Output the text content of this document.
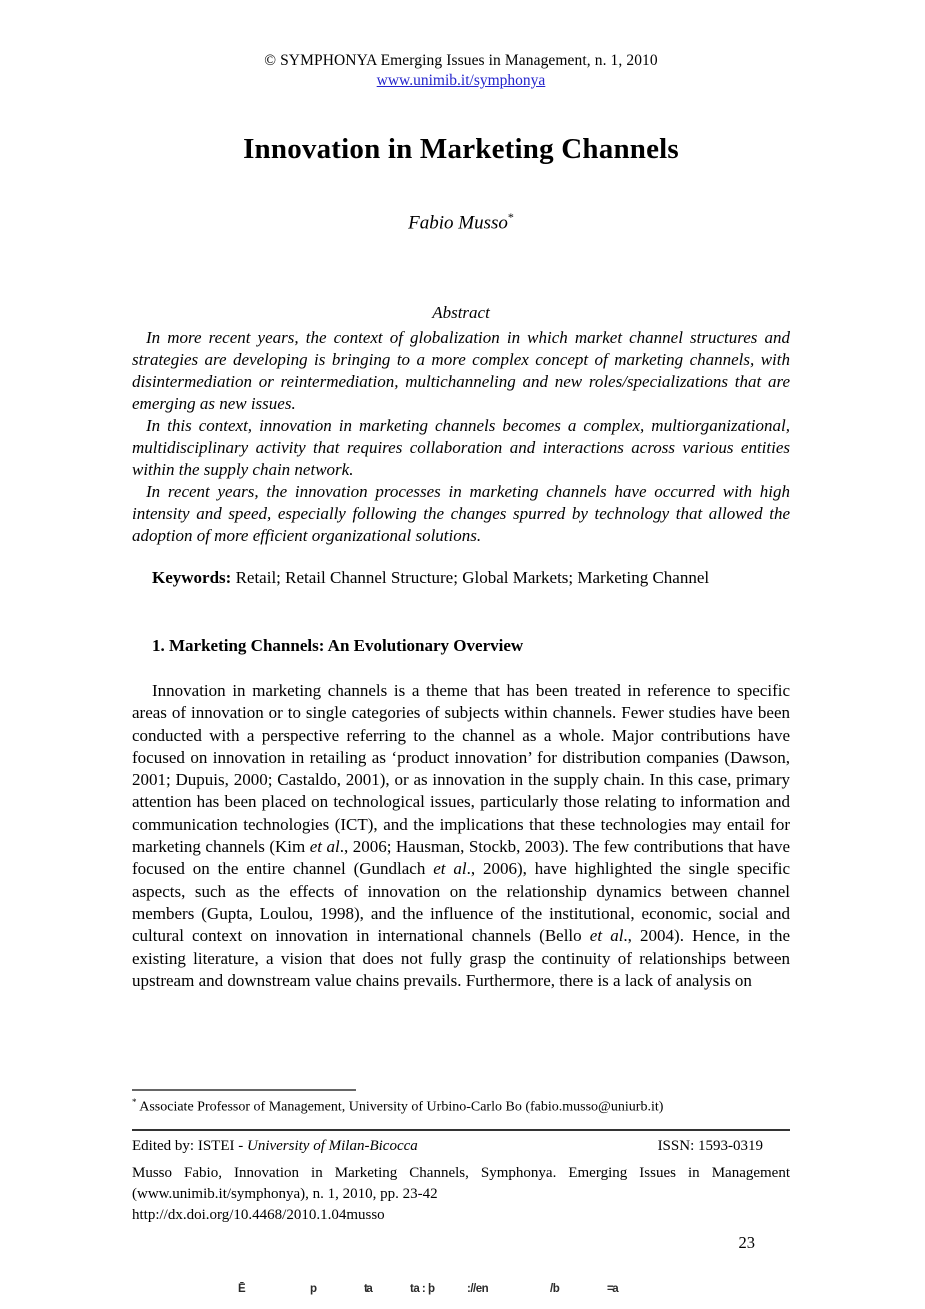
© SYMPHONYA Emerging Issues in Management, n. 1, 2010
www.unimib.it/symphonya
Innovation in Marketing Channels
Fabio Musso*
Abstract

In more recent years, the context of globalization in which market channel structures and strategies are developing is bringing to a more complex concept of marketing channels, with disintermediation or reintermediation, multichanneling and new roles/specializations that are emerging as new issues.

In this context, innovation in marketing channels becomes a complex, multiorganizational, multidisciplinary activity that requires collaboration and interactions across various entities within the supply chain network.

In recent years, the innovation processes in marketing channels have occurred with high intensity and speed, especially following the changes spurred by technology that allowed the adoption of more efficient organizational solutions.

Keywords: Retail; Retail Channel Structure; Global Markets; Marketing Channel
1. Marketing Channels: An Evolutionary Overview
Innovation in marketing channels is a theme that has been treated in reference to specific areas of innovation or to single categories of subjects within channels. Fewer studies have been conducted with a perspective referring to the channel as a whole. Major contributions have focused on innovation in retailing as ‘product innovation’ for distribution companies (Dawson, 2001; Dupuis, 2000; Castaldo, 2001), or as innovation in the supply chain. In this case, primary attention has been placed on technological issues, particularly those relating to information and communication technologies (ICT), and the implications that these technologies may entail for marketing channels (Kim et al., 2006; Hausman, Stockb, 2003). The few contributions that have focused on the entire channel (Gundlach et al., 2006), have highlighted the single specific aspects, such as the effects of innovation on the relationship dynamics between channel members (Gupta, Loulou, 1998), and the influence of the institutional, economic, social and cultural context on innovation in international channels (Bello et al., 2004). Hence, in the existing literature, a vision that does not fully grasp the continuity of relationships between upstream and downstream value chains prevails. Furthermore, there is a lack of analysis on
* Associate Professor of Management, University of Urbino-Carlo Bo (fabio.musso@uniurb.it)
Edited by: ISTEI - University of Milan-Bicocca	ISSN: 1593-0319

Musso Fabio, Innovation in Marketing Channels, Symphonya. Emerging Issues in Management (www.unimib.it/symphonya), n. 1, 2010, pp. 23-42

http://dx.doi.org/10.4468/2010.1.04musso
23
Ē	p	ta	ta : þ	://en	/b	=a
